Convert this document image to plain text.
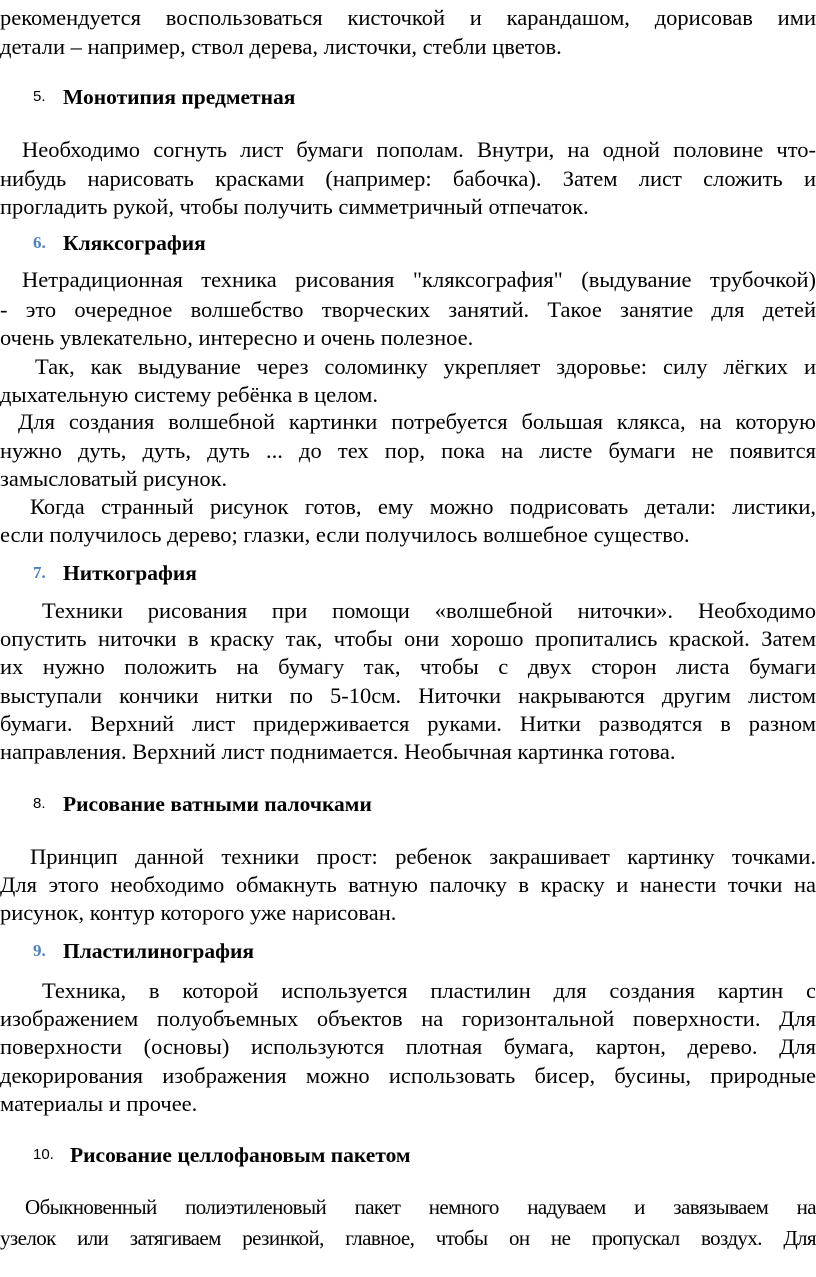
рекомендуется воспользоваться кисточкой и карандашом, дорисовав ими
детали – например, ствол дерева, листочки, стебли цветов.
5. Монотипия предметная
Необходимо согнуть лист бумаги пополам. Внутри, на одной половине что-
нибудь нарисовать красками (например: бабочка). Затем лист сложить и
прогладить рукой, чтобы получить симметричный отпечаток.
6. Кляксография
Нетрадиционная техника рисования "кляксография" (выдувание трубочкой)
- это очередное волшебство творческих занятий. Такое занятие для детей
очень увлекательно, интересно и очень полезное.
Так, как выдувание через соломинку укрепляет здоровье: силу лёгких и
дыхательную систему ребёнка в целом.
Для создания волшебной картинки потребуется большая клякса, на которую
нужно дуть, дуть, дуть ... до тех пор, пока на листе бумаги не появится
замысловатый рисунок.
Когда странный рисунок готов, ему можно подрисовать детали: листики,
если получилось дерево; глазки, если получилось волшебное существо.
7. Ниткография
Техники рисования при помощи «волшебной ниточки». Необходимо
опустить ниточки в краску так, чтобы они хорошо пропитались краской. Затем
их нужно положить на бумагу так, чтобы с двух сторон листа бумаги
выступали кончики нитки по 5-10см. Ниточки накрываются другим листом
бумаги. Верхний лист придерживается руками. Нитки разводятся в разном
направления. Верхний лист поднимается. Необычная картинка готова.
8. Рисование ватными палочками
Принцип данной техники прост: ребенок закрашивает картинку точками.
Для этого необходимо обмакнуть ватную палочку в краску и нанести точки на
рисунок, контур которого уже нарисован.
9. Пластилинография
Техника, в которой используется пластилин для создания картин с
изображением полуобъемных объектов на горизонтальной поверхности. Для
поверхности (основы) используются плотная бумага, картон, дерево. Для
декорирования изображения можно использовать бисер, бусины, природные
материалы и прочее.
10. Рисование целлофановым пакетом
Обыкновенный полиэтиленовый пакет немного надуваем и завязываем на
узелок или затягиваем резинкой, главное, чтобы он не пропускал воздух. Для
